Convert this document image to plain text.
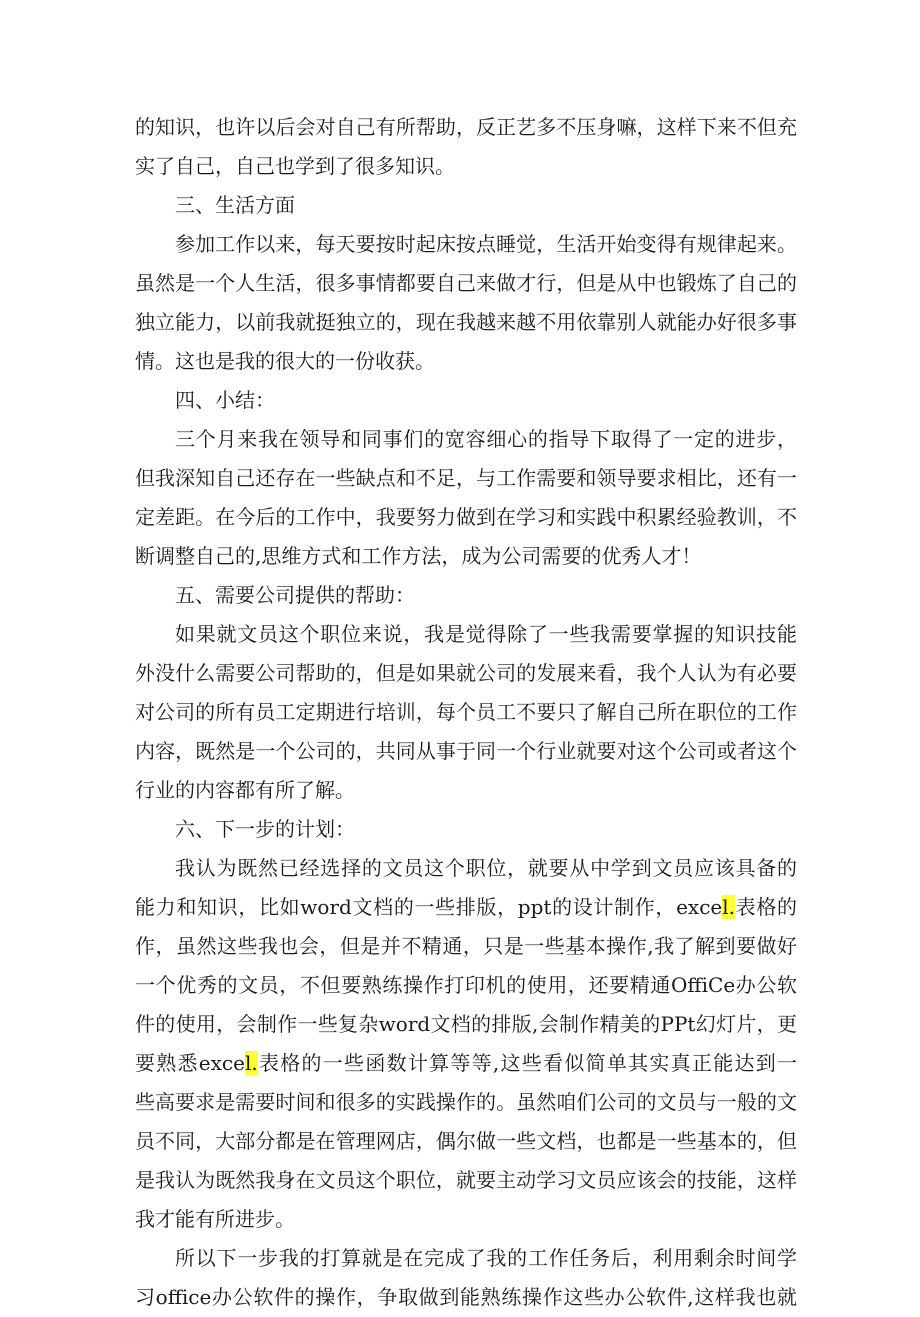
的知识，也许以后会对自己有所帮助，反正艺多不压身嘛，这样下来不但充
实了自己，自己也学到了很多知识。
三、生活方面
参加工作以来，每天要按时起床按点睡觉，生活开始变得有规律起来。
虽然是一个人生活，很多事情都要自己来做才行，但是从中也锻炼了自己的
独立能力，以前我就挺独立的，现在我越来越不用依靠别人就能办好很多事
情。这也是我的很大的一份收获。
四、小结：
三个月来我在领导和同事们的宽容细心的指导下取得了一定的进步，
但我深知自己还存在一些缺点和不足，与工作需要和领导要求相比，还有一
定差距。在今后的工作中，我要努力做到在学习和实践中积累经验教训，不
断调整自己的,思维方式和工作方法，成为公司需要的优秀人才！
五、需要公司提供的帮助：
如果就文员这个职位来说，我是觉得除了一些我需要掌握的知识技能
外没什么需要公司帮助的，但是如果就公司的发展来看，我个人认为有必要
对公司的所有员工定期进行培训，每个员工不要只了解自己所在职位的工作
内容，既然是一个公司的，共同从事于同一个行业就要对这个公司或者这个
行业的内容都有所了解。
六、下一步的计划：
我认为既然已经选择的文员这个职位，就要从中学到文员应该具备的
能力和知识，比如word文档的一些排版，ppt的设计制作，excel.表格的
作，虽然这些我也会，但是并不精通，只是一些基本操作,我了解到要做好
一个优秀的文员，不但要熟练操作打印机的使用，还要精通OffiCe办公软
件的使用，会制作一些复杂word文档的排版,会制作精美的PPt幻灯片，更
要熟悉excel.表格的一些函数计算等等,这些看似简单其实真正能达到一
些高要求是需要时间和很多的实践操作的。虽然咱们公司的文员与一般的文
员不同，大部分都是在管理网店，偶尔做一些文档，也都是一些基本的，但
是我认为既然我身在文员这个职位，就要主动学习文员应该会的技能，这样
我才能有所进步。
所以下一步我的打算就是在完成了我的工作任务后，利用剩余时间学
习office办公软件的操作，争取做到能熟练操作这些办公软件,这样我也就
